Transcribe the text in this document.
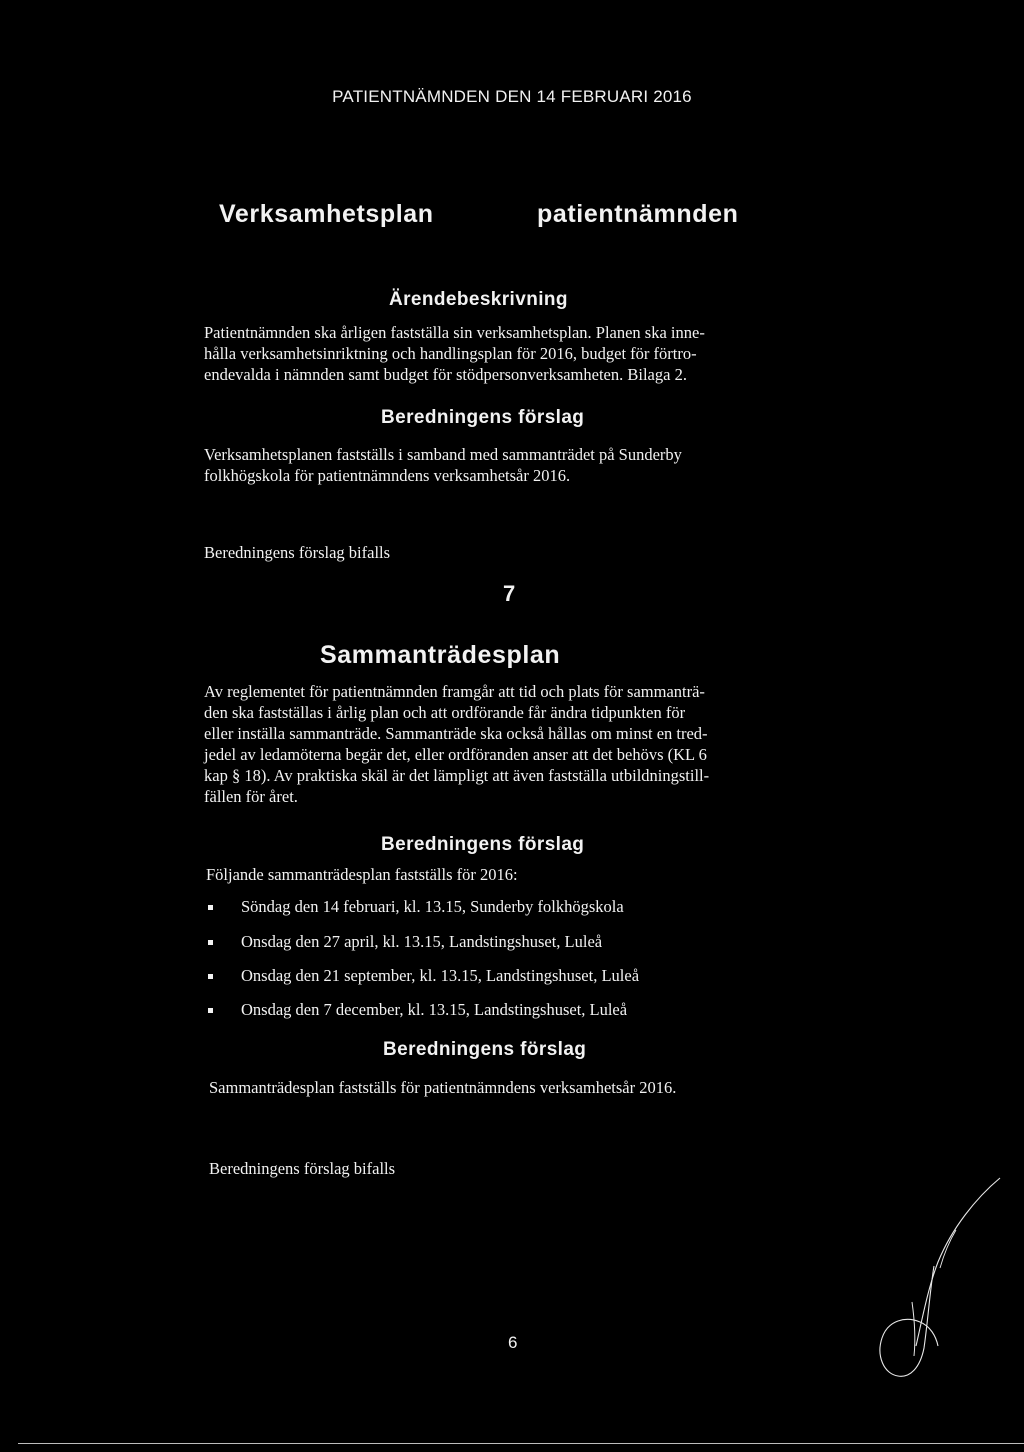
PATIENTNÄMNDEN DEN 14 FEBRUARI 2016
Verksamhetsplan	patientnämnden
Ärendebeskrivning

Patientnämnden ska årligen fastställa sin verksamhetsplan. Planen ska inne-
hålla verksamhetsinriktning och handlingsplan för 2016, budget för förtro-
endevalda i nämnden samt budget för stödpersonverksamheten. Bilaga 2.

Beredningens förslag

Verksamhetsplanen fastställs i samband med sammanträdet på Sunderby
folkhögskola för patientnämndens verksamhetsår 2016.

Beredningens förslag bifalls
7
Sammanträdesplan

Av reglementet för patientnämnden framgår att tid och plats för sammanträ-
den ska fastställas i årlig plan och att ordförande får ändra tidpunkten för
eller inställa sammanträde. Sammanträde ska också hållas om minst en tred-
jedel av ledamöterna begär det, eller ordföranden anser att det behövs (KL 6
kap § 18). Av praktiska skäl är det lämpligt att även fastställa utbildningstill-
fällen för året.

Beredningens förslag
Följande sammanträdesplan fastställs för 2016:
Söndag den 14 februari, kl. 13.15, Sunderby folkhögskola
Onsdag den 27 april, kl. 13.15, Landstingshuset, Luleå
Onsdag den 21 september, kl. 13.15, Landstingshuset, Luleå
Onsdag den 7 december, kl. 13.15, Landstingshuset, Luleå
Beredningens förslag
Sammanträdesplan fastställs för patientnämndens verksamhetsår 2016.
Beredningens förslag bifalls
6
